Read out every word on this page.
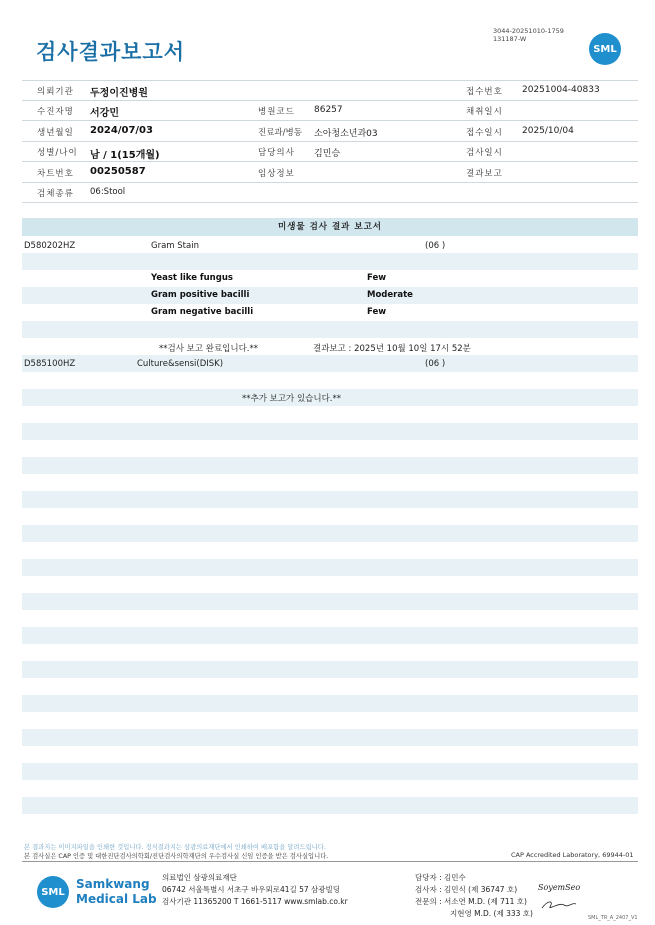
검사결과보고서
3044-20251010-1759
131187-W
SML
의뢰기관 두정이진병원	접수번호 20251004-40833
수진자명 서강민	병원코드 86257	채취일시
생년월일 2024/07/03	진료과/병동 소아청소년과03	접수일시 2025/10/04
성별/나이 남 / 1(15개월)	담당의사 김민승	검사일시
차트번호 00250587	임상정보	결과보고
검체종류 06:Stool
미생물 검사 결과 보고서
D580202HZ	Gram Stain	(06 )
Yeast like fungus	Few
Gram positive bacilli	Moderate
Gram negative bacilli	Few
**검사 보고 완료입니다.**	결과보고 : 2025년 10월 10일 17시 52분
D585100HZ	Culture&sensi(DISK)	(06 )
**추가 보고가 있습니다.**
본 결과지는 이미지파일을 인쇄한 것입니다. 정식결과지는 삼광의료재단에서 인쇄하여 배포함을 알려드립니다.
본 검사실은 CAP 인증 및 대한진단검사의학회/진단검사의학재단의 우수검사실 신임 인증을 받은 검사실입니다.	CAP Accredited Laboratory, 69944-01
SML
Samkwang
Medical Lab
의료법인 삼광의료재단
06742 서울특별시 서초구 바우뫼로41길 57 삼광빌딩
검사기관 11365200 T 1661-5117 www.smlab.co.kr
담당자 : 김민수
검사자 : 김민식 (제 36747 호)
전문의 : 서소연 M.D. (제 711 호)
지현영 M.D. (제 333 호)
SoyemSeo
SML_TR_A_2407_V1
